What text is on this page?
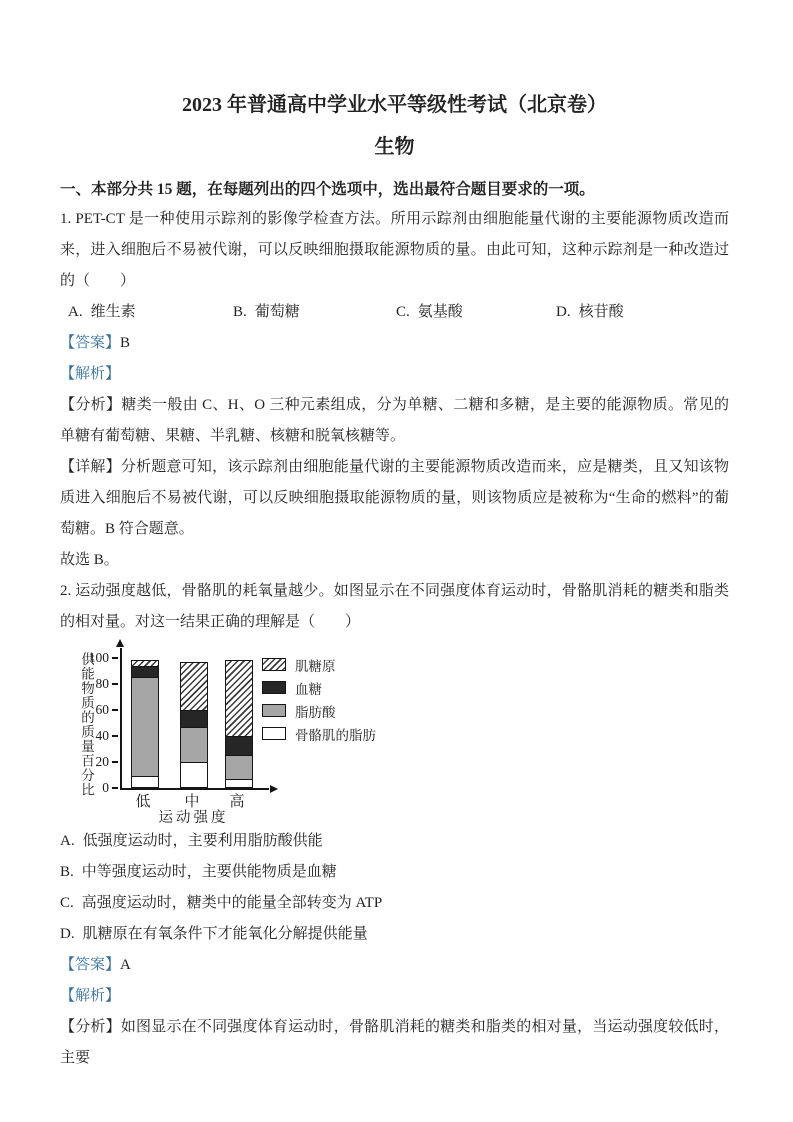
2023 年普通高中学业水平等级性考试（北京卷）
生物

一、本部分共 15 题，在每题列出的四个选项中，选出最符合题目要求的一项。

1. PET-CT 是一种使用示踪剂的影像学检查方法。所用示踪剂由细胞能量代谢的主要能源物质改造而来，进入细胞后不易被代谢，可以反映细胞摄取能源物质的量。由此可知，这种示踪剂是一种改造过的（　　）

A. 维生素	B. 葡萄糖	C. 氨基酸	D. 核苷酸

【答案】B

【解析】

【分析】糖类一般由 C、H、O 三种元素组成，分为单糖、二糖和多糖，是主要的能源物质。常见的单糖有葡萄糖、果糖、半乳糖、核糖和脱氧核糖等。

【详解】分析题意可知，该示踪剂由细胞能量代谢的主要能源物质改造而来，应是糖类，且又知该物质进入细胞后不易被代谢，可以反映细胞摄取能源物质的量，则该物质应是被称为“生命的燃料”的葡萄糖。B 符合题意。

故选 B。

2. 运动强度越低，骨骼肌的耗氧量越少。如图显示在不同强度体育运动时，骨骼肌消耗的糖类和脂类的相对量。对这一结果正确的理解是（　　）

供能物质的质量百分比 0
20
40
60
80
100
低	中	高
运动强度
肌糖原
血糖
脂肪酸
骨骼肌的脂肪

A. 低强度运动时，主要利用脂肪酸供能

B. 中等强度运动时，主要供能物质是血糖

C. 高强度运动时，糖类中的能量全部转变为 ATP

D. 肌糖原在有氧条件下才能氧化分解提供能量

【答案】A

【解析】

【分析】如图显示在不同强度体育运动时，骨骼肌消耗的糖类和脂类的相对量，当运动强度较低时，主要
